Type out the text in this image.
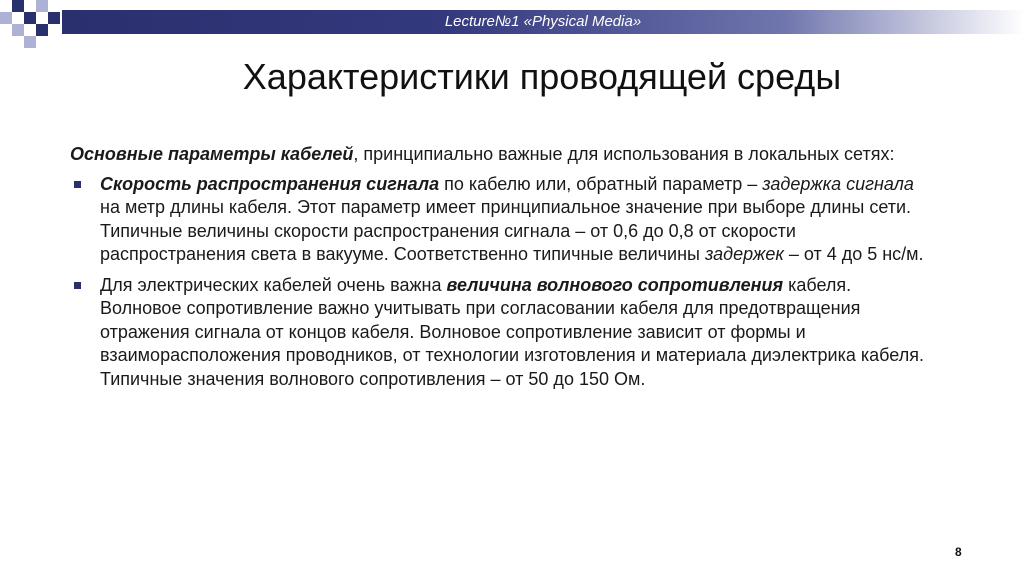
Lecture№1 «Physical Media»
Характеристики проводящей среды

Основные параметры кабелей, принципиально важные для использования в локальных сетях:

Скорость распространения сигнала по кабелю или, обратный параметр – задержка сигнала на метр длины кабеля. Этот параметр имеет принципиальное значение при выборе длины сети. Типичные величины скорости распространения сигнала – от 0,6 до 0,8 от скорости распространения света в вакууме. Соответственно типичные величины задержек – от 4 до 5 нс/м.
Для электрических кабелей очень важна величина волнового сопротивления кабеля. Волновое сопротивление важно учитывать при согласовании кабеля для предотвращения отражения сигнала от концов кабеля. Волновое сопротивление зависит от формы и взаиморасположения проводников, от технологии изготовления и материала диэлектрика кабеля. Типичные значения волнового сопротивления – от 50 до 150 Ом.
8
